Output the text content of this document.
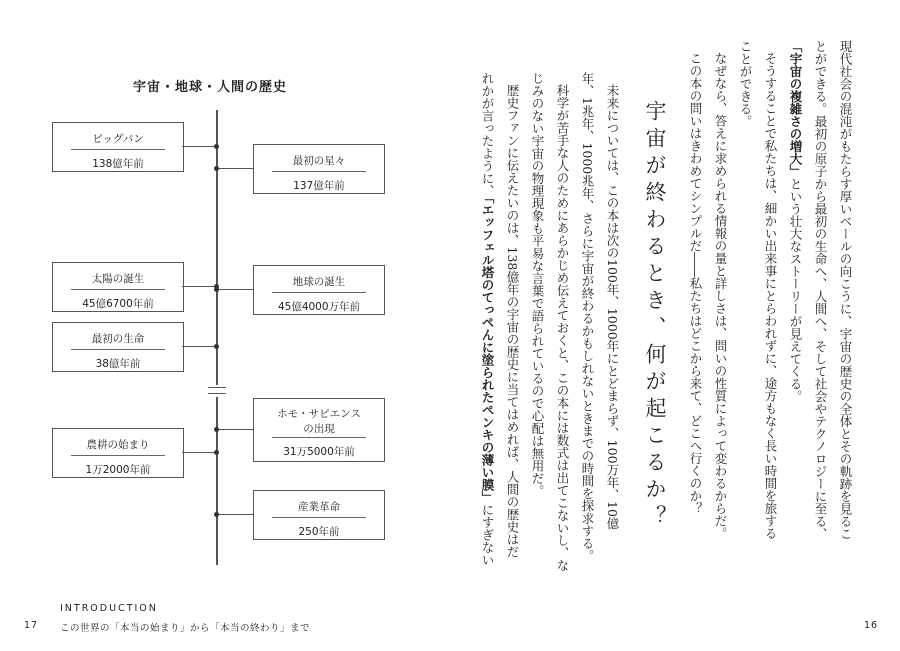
宇宙・地球・人間の歴史
ビッグバン
138億年前
太陽の誕生
45億6700年前
最初の生命
38億年前
農耕の始まり
1万2000年前
最初の星々
137億年前
地球の誕生
45億4000万年前
ホモ・サピエンスの出現
31万5000年前
産業革命
250年前
17
INTRODUCTION
この世界の「本当の始まり」から「本当の終わり」まで
現代社会の混沌がもたらす厚いベールの向こうに、宇宙の歴史の全体とその軌跡を見るこ
とができる。最初の原子から最初の生命へ、人間へ、そして社会やテクノロジーに至る、
「宇宙の複雑さの増大」という壮大なストーリーが見えてくる。
そうすることで私たちは、細かい出来事にとらわれずに、途方もなく長い時間を旅する
ことができる。
なぜなら、答えに求められる情報の量と詳しさは、問いの性質によって変わるからだ。
この本の問いはきわめてシンプルだ――私たちはどこから来て、どこへ行くのか？
宇宙が終わるとき、何が起こるか？
未来については、この本は次の100年、1000年にとどまらず、100万年、10億
年、1兆年、1000兆年、さらに宇宙が終わるかもしれないときまでの時間を探求する。
科学が苦手な人のためにあらかじめ伝えておくと、この本には数式は出てこないし、な
じみのない宇宙の物理現象も平易な言葉で語られているので心配は無用だ。
歴史ファンに伝えたいのは、138億年の宇宙の歴史に当てはめれば、人間の歴史はだ
れかが言ったように、「エッフェル塔のてっぺんに塗られたペンキの薄い膜」にすぎない
16
